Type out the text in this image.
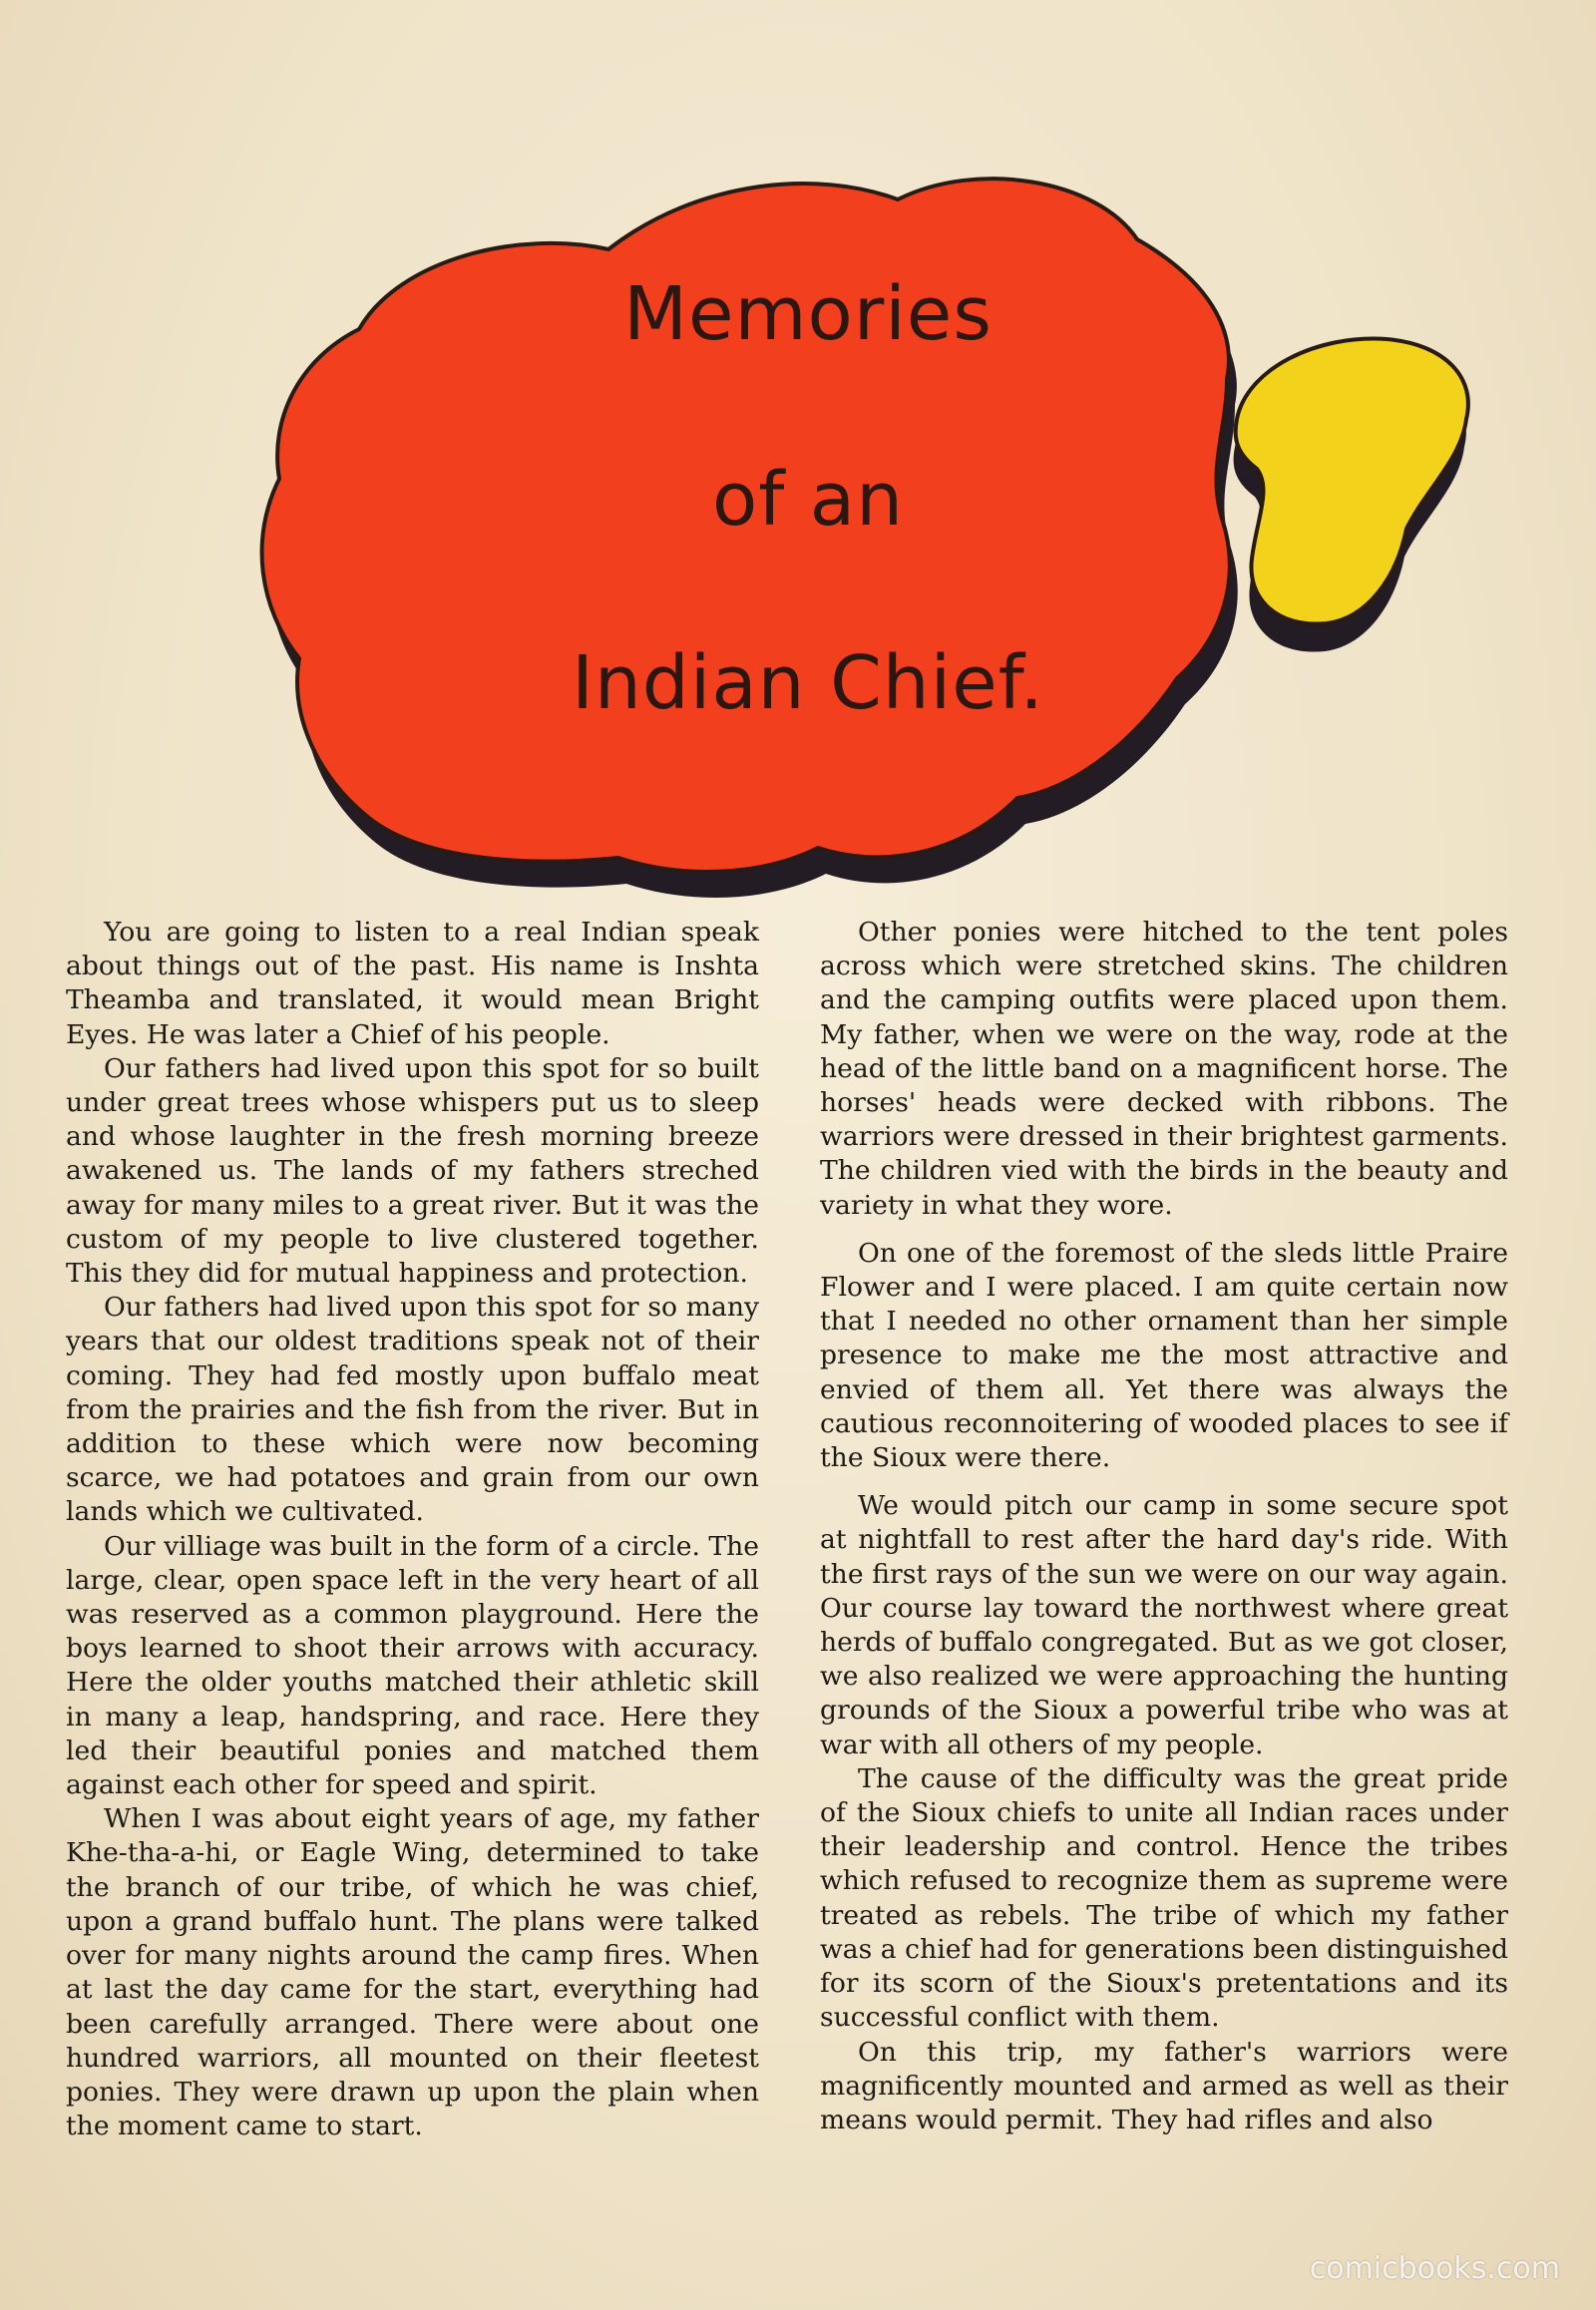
Memories
of an
Indian Chief.

You are going to listen to a real Indian speak about things out of the past. His name is Inshta Theamba and translated, it would mean Bright Eyes. He was later a Chief of his people.

Our fathers had lived upon this spot for so built under great trees whose whispers put us to sleep and whose laughter in the fresh morning breeze awakened us. The lands of my fathers streched away for many miles to a great river. But it was the custom of my people to live clustered together. This they did for mutual happiness and protection.

Our fathers had lived upon this spot for so many years that our oldest traditions speak not of their coming. They had fed mostly upon buffalo meat from the prairies and the fish from the river. But in addition to these which were now becoming scarce, we had potatoes and grain from our own lands which we cultivated.

Our villiage was built in the form of a circle. The large, clear, open space left in the very heart of all was reserved as a common playground. Here the boys learned to shoot their arrows with accuracy. Here the older youths matched their athletic skill in many a leap, handspring, and race. Here they led their beautiful ponies and matched them against each other for speed and spirit.

When I was about eight years of age, my father Khe-tha-a-hi, or Eagle Wing, determined to take the branch of our tribe, of which he was chief, upon a grand buffalo hunt. The plans were talked over for many nights around the camp fires. When at last the day came for the start, everything had been carefully arranged. There were about one hundred warriors, all mounted on their fleetest ponies. They were drawn up upon the plain when the moment came to start.

Other ponies were hitched to the tent poles across which were stretched skins. The children and the camping outfits were placed upon them. My father, when we were on the way, rode at the head of the little band on a magnificent horse. The horses' heads were decked with ribbons. The warriors were dressed in their brightest garments. The children vied with the birds in the beauty and variety in what they wore.

On one of the foremost of the sleds little Praire Flower and I were placed. I am quite certain now that I needed no other ornament than her simple presence to make me the most attractive and envied of them all. Yet there was always the cautious reconnoitering of wooded places to see if the Sioux were there.

We would pitch our camp in some secure spot at nightfall to rest after the hard day's ride. With the first rays of the sun we were on our way again. Our course lay toward the northwest where great herds of buffalo congregated. But as we got closer, we also realized we were approaching the hunting grounds of the Sioux a powerful tribe who was at war with all others of my people.

The cause of the difficulty was the great pride of the Sioux chiefs to unite all Indian races under their leadership and control. Hence the tribes which refused to recognize them as supreme were treated as rebels. The tribe of which my father was a chief had for generations been distinguished for its scorn of the Sioux's pretentations and its successful conflict with them.

On this trip, my father's warriors were magnificently mounted and armed as well as their means would permit. They had rifles and also

comicbooks.com
